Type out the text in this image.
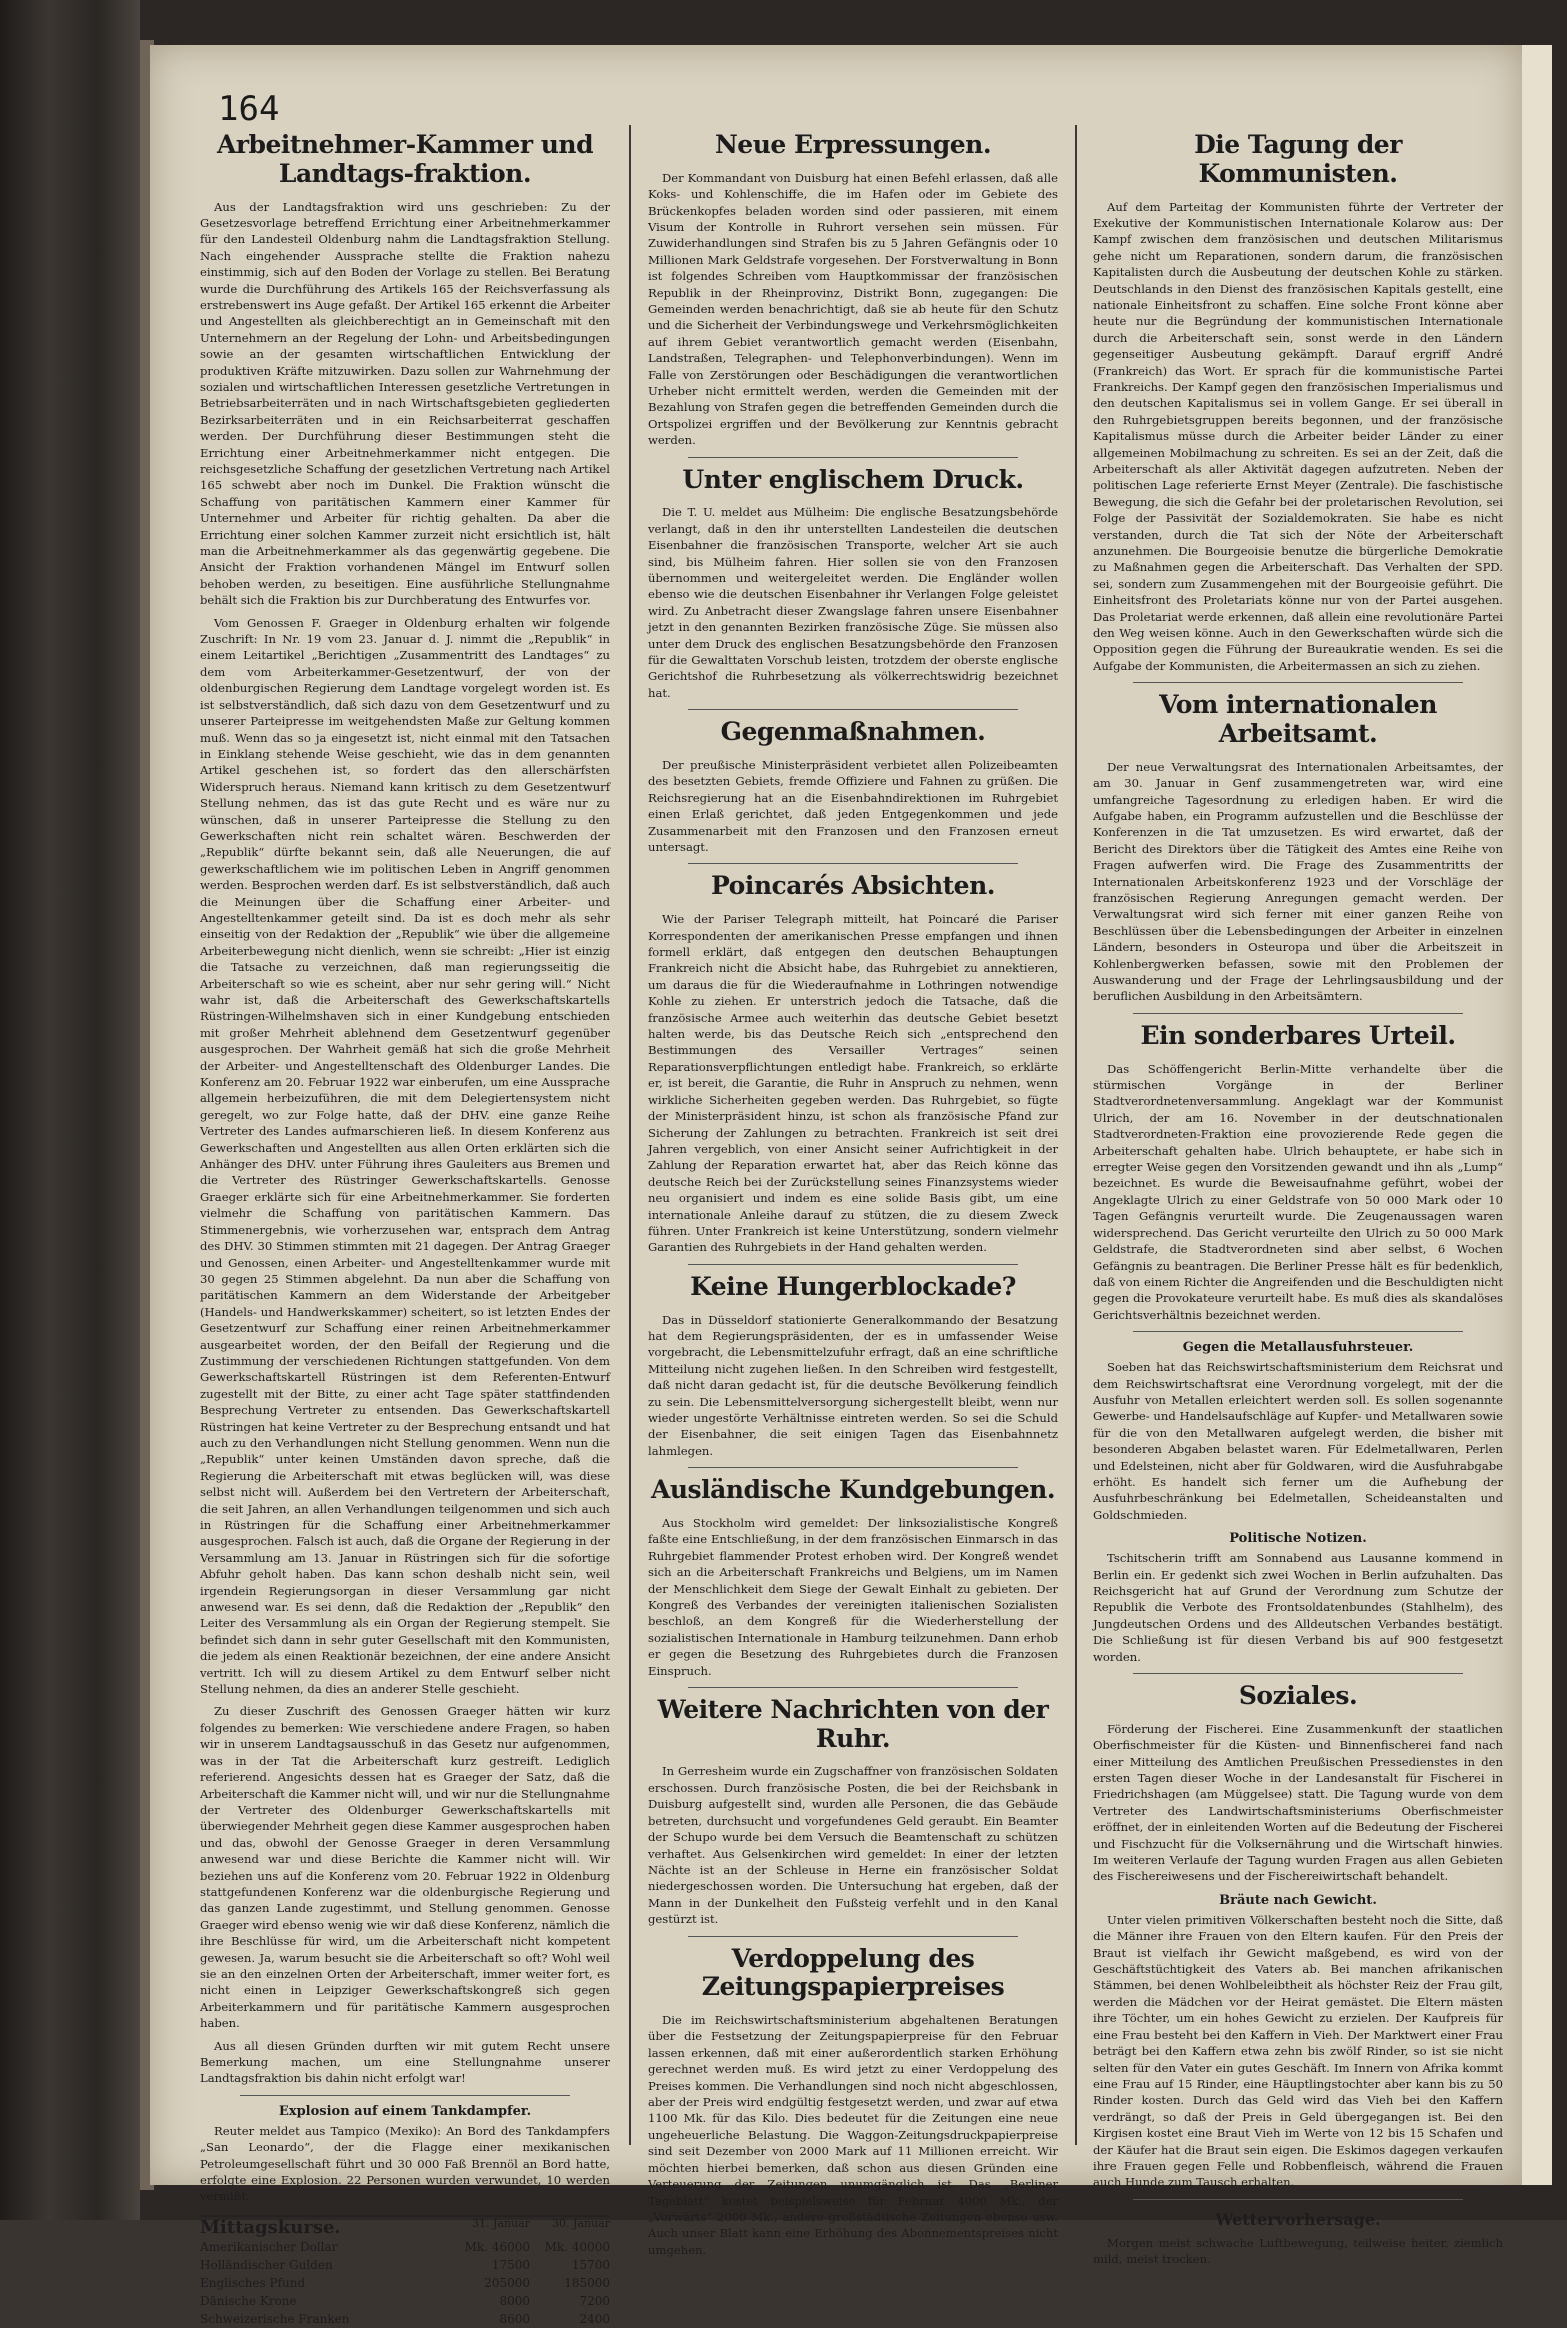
164
Arbeitnehmer-Kammer und Landtags-fraktion.

Aus der Landtagsfraktion wird uns geschrieben: Zu der Gesetzesvorlage betreffend Errichtung einer Arbeitnehmerkammer für den Landesteil Oldenburg nahm die Landtagsfraktion Stellung. Nach eingehender Aussprache stellte die Fraktion nahezu einstimmig, sich auf den Boden der Vorlage zu stellen. Bei Beratung wurde die Durchführung des Artikels 165 der Reichsverfassung als erstrebenswert ins Auge gefaßt. Der Artikel 165 erkennt die Arbeiter und Angestellten als gleichberechtigt an in Gemeinschaft mit den Unternehmern an der Regelung der Lohn- und Arbeitsbedingungen sowie an der gesamten wirtschaftlichen Entwicklung der produktiven Kräfte mitzuwirken. Dazu sollen zur Wahrnehmung der sozialen und wirtschaftlichen Interessen gesetzliche Vertretungen in Betriebsarbeiterräten und in nach Wirtschaftsgebieten gegliederten Bezirksarbeiterräten und in ein Reichsarbeiterrat geschaffen werden. Der Durchführung dieser Bestimmungen steht die Errichtung einer Arbeitnehmerkammer nicht entgegen. Die reichsgesetzliche Schaffung der gesetzlichen Vertretung nach Artikel 165 schwebt aber noch im Dunkel. Die Fraktion wünscht die Schaffung von paritätischen Kammern einer Kammer für Unternehmer und Arbeiter für richtig gehalten. Da aber die Errichtung einer solchen Kammer zurzeit nicht ersichtlich ist, hält man die Arbeitnehmerkammer als das gegenwärtig gegebene. Die Ansicht der Fraktion vorhandenen Mängel im Entwurf sollen behoben werden, zu beseitigen. Eine ausführliche Stellungnahme behält sich die Fraktion bis zur Durchberatung des Entwurfes vor.

Vom Genossen F. Graeger in Oldenburg erhalten wir folgende Zuschrift: In Nr. 19 vom 23. Januar d. J. nimmt die „Republik“ in einem Leitartikel „Berichtigen „Zusammentritt des Landtages“ zu dem vom Arbeiterkammer-Gesetzentwurf, der von der oldenburgischen Regierung dem Landtage vorgelegt worden ist. Es ist selbstverständlich, daß sich dazu von dem Gesetzentwurf und zu unserer Parteipresse im weitgehendsten Maße zur Geltung kommen muß. Wenn das so ja eingesetzt ist, nicht einmal mit den Tatsachen in Einklang stehende Weise geschieht, wie das in dem genannten Artikel geschehen ist, so fordert das den allerschärfsten Widerspruch heraus. Niemand kann kritisch zu dem Gesetzentwurf Stellung nehmen, das ist das gute Recht und es wäre nur zu wünschen, daß in unserer Parteipresse die Stellung zu den Gewerkschaften nicht rein schaltet wären. Beschwerden der „Republik“ dürfte bekannt sein, daß alle Neuerungen, die auf gewerkschaftlichem wie im politischen Leben in Angriff genommen werden. Besprochen werden darf. Es ist selbstverständlich, daß auch die Meinungen über die Schaffung einer Arbeiter- und Angestelltenkammer geteilt sind. Da ist es doch mehr als sehr einseitig von der Redaktion der „Republik“ wie über die allgemeine Arbeiterbewegung nicht dienlich, wenn sie schreibt: „Hier ist einzig die Tatsache zu verzeichnen, daß man regierungsseitig die Arbeiterschaft so wie es scheint, aber nur sehr gering will.“ Nicht wahr ist, daß die Arbeiterschaft des Gewerkschaftskartells Rüstringen-Wilhelmshaven sich in einer Kundgebung entschieden mit großer Mehrheit ablehnend dem Gesetzentwurf gegenüber ausgesprochen. Der Wahrheit gemäß hat sich die große Mehrheit der Arbeiter- und Angestelltenschaft des Oldenburger Landes. Die Konferenz am 20. Februar 1922 war einberufen, um eine Aussprache allgemein herbeizuführen, die mit dem Delegiertensystem nicht geregelt, wo zur Folge hatte, daß der DHV. eine ganze Reihe Vertreter des Landes aufmarschieren ließ. In diesem Konferenz aus Gewerkschaften und Angestellten aus allen Orten erklärten sich die Anhänger des DHV. unter Führung ihres Gauleiters aus Bremen und die Vertreter des Rüstringer Gewerkschaftskartells. Genosse Graeger erklärte sich für eine Arbeitnehmerkammer. Sie forderten vielmehr die Schaffung von paritätischen Kammern. Das Stimmenergebnis, wie vorherzusehen war, entsprach dem Antrag des DHV. 30 Stimmen stimmten mit 21 dagegen. Der Antrag Graeger und Genossen, einen Arbeiter- und Angestelltenkammer wurde mit 30 gegen 25 Stimmen abgelehnt. Da nun aber die Schaffung von paritätischen Kammern an dem Widerstande der Arbeitgeber (Handels- und Handwerkskammer) scheitert, so ist letzten Endes der Gesetzentwurf zur Schaffung einer reinen Arbeitnehmerkammer ausgearbeitet worden, der den Beifall der Regierung und die Zustimmung der verschiedenen Richtungen stattgefunden. Von dem Gewerkschaftskartell Rüstringen ist dem Referenten-Entwurf zugestellt mit der Bitte, zu einer acht Tage später stattfindenden Besprechung Vertreter zu entsenden. Das Gewerkschaftskartell Rüstringen hat keine Vertreter zu der Besprechung entsandt und hat auch zu den Verhandlungen nicht Stellung genommen. Wenn nun die „Republik“ unter keinen Umständen davon spreche, daß die Regierung die Arbeiterschaft mit etwas beglücken will, was diese selbst nicht will. Außerdem bei den Vertretern der Arbeiterschaft, die seit Jahren, an allen Verhandlungen teilgenommen und sich auch in Rüstringen für die Schaffung einer Arbeitnehmerkammer ausgesprochen. Falsch ist auch, daß die Organe der Regierung in der Versammlung am 13. Januar in Rüstringen sich für die sofortige Abfuhr geholt haben. Das kann schon deshalb nicht sein, weil irgendein Regierungsorgan in dieser Versammlung gar nicht anwesend war. Es sei denn, daß die Redaktion der „Republik“ den Leiter des Versammlung als ein Organ der Regierung stempelt. Sie befindet sich dann in sehr guter Gesellschaft mit den Kommunisten, die jedem als einen Reaktionär bezeichnen, der eine andere Ansicht vertritt. Ich will zu diesem Artikel zu dem Entwurf selber nicht Stellung nehmen, da dies an anderer Stelle geschieht.

Zu dieser Zuschrift des Genossen Graeger hätten wir kurz folgendes zu bemerken: Wie verschiedene andere Fragen, so haben wir in unserem Landtagsausschuß in das Gesetz nur aufgenommen, was in der Tat die Arbeiterschaft kurz gestreift. Lediglich referierend. Angesichts dessen hat es Graeger der Satz, daß die Arbeiterschaft die Kammer nicht will, und wir nur die Stellungnahme der Vertreter des Oldenburger Gewerkschaftskartells mit überwiegender Mehrheit gegen diese Kammer ausgesprochen haben und das, obwohl der Genosse Graeger in deren Versammlung anwesend war und diese Berichte die Kammer nicht will. Wir beziehen uns auf die Konferenz vom 20. Februar 1922 in Oldenburg stattgefundenen Konferenz war die oldenburgische Regierung und das ganzen Lande zugestimmt, und Stellung genommen. Genosse Graeger wird ebenso wenig wie wir daß diese Konferenz, nämlich die ihre Beschlüsse für wird, um die Arbeiterschaft nicht kompetent gewesen. Ja, warum besucht sie die Arbeiterschaft so oft? Wohl weil sie an den einzelnen Orten der Arbeiterschaft, immer weiter fort, es nicht einen in Leipziger Gewerkschaftskongreß sich gegen Arbeiterkammern und für paritätische Kammern ausgesprochen haben.

Aus all diesen Gründen durften wir mit gutem Recht unsere Bemerkung machen, um eine Stellungnahme unserer Landtagsfraktion bis dahin nicht erfolgt war!

Explosion auf einem Tankdampfer.

Reuter meldet aus Tampico (Mexiko): An Bord des Tankdampfers „San Leonardo“, der die Flagge einer mexikanischen Petroleumgesellschaft führt und 30 000 Faß Brennöl an Bord hatte, erfolgte eine Explosion. 22 Personen wurden verwundet, 10 werden vermißt.

Mittagskurse.	31. Januar	30. Januar
Amerikanischer Dollar	Mk. 46000	Mk. 40000
Holländischer Gulden	17500	15700
Englisches Pfund	205000	185000
Dänische Krone	8000	7200
Schweizerische Franken	8600	2400
Neue Erpressungen.

Der Kommandant von Duisburg hat einen Befehl erlassen, daß alle Koks- und Kohlenschiffe, die im Hafen oder im Gebiete des Brückenkopfes beladen worden sind oder passieren, mit einem Visum der Kontrolle in Ruhrort versehen sein müssen. Für Zuwiderhandlungen sind Strafen bis zu 5 Jahren Gefängnis oder 10 Millionen Mark Geldstrafe vorgesehen. Der Forstverwaltung in Bonn ist folgendes Schreiben vom Hauptkommissar der französischen Republik in der Rheinprovinz, Distrikt Bonn, zugegangen: Die Gemeinden werden benachrichtigt, daß sie ab heute für den Schutz und die Sicherheit der Verbindungswege und Verkehrsmöglichkeiten auf ihrem Gebiet verantwortlich gemacht werden (Eisenbahn, Landstraßen, Telegraphen- und Telephonverbindungen). Wenn im Falle von Zerstörungen oder Beschädigungen die verantwortlichen Urheber nicht ermittelt werden, werden die Gemeinden mit der Bezahlung von Strafen gegen die betreffenden Gemeinden durch die Ortspolizei ergriffen und der Bevölkerung zur Kenntnis gebracht werden.

Unter englischem Druck.

Die T. U. meldet aus Mülheim: Die englische Besatzungsbehörde verlangt, daß in den ihr unterstellten Landesteilen die deutschen Eisenbahner die französischen Transporte, welcher Art sie auch sind, bis Mülheim fahren. Hier sollen sie von den Franzosen übernommen und weitergeleitet werden. Die Engländer wollen ebenso wie die deutschen Eisenbahner ihr Verlangen Folge geleistet wird. Zu Anbetracht dieser Zwangslage fahren unsere Eisenbahner jetzt in den genannten Bezirken französische Züge. Sie müssen also unter dem Druck des englischen Besatzungsbehörde den Franzosen für die Gewalttaten Vorschub leisten, trotzdem der oberste englische Gerichtshof die Ruhrbesetzung als völkerrechtswidrig bezeichnet hat.

Gegenmaßnahmen.

Der preußische Ministerpräsident verbietet allen Polizeibeamten des besetzten Gebiets, fremde Offiziere und Fahnen zu grüßen. Die Reichsregierung hat an die Eisenbahndirektionen im Ruhrgebiet einen Erlaß gerichtet, daß jeden Entgegenkommen und jede Zusammenarbeit mit den Franzosen und den Franzosen erneut untersagt.

Poincarés Absichten.

Wie der Pariser Telegraph mitteilt, hat Poincaré die Pariser Korrespondenten der amerikanischen Presse empfangen und ihnen formell erklärt, daß entgegen den deutschen Behauptungen Frankreich nicht die Absicht habe, das Ruhrgebiet zu annektieren, um daraus die für die Wiederaufnahme in Lothringen notwendige Kohle zu ziehen. Er unterstrich jedoch die Tatsache, daß die französische Armee auch weiterhin das deutsche Gebiet besetzt halten werde, bis das Deutsche Reich sich „entsprechend den Bestimmungen des Versailler Vertrages“ seinen Reparationsverpflichtungen entledigt habe. Frankreich, so erklärte er, ist bereit, die Garantie, die Ruhr in Anspruch zu nehmen, wenn wirkliche Sicherheiten gegeben werden. Das Ruhrgebiet, so fügte der Ministerpräsident hinzu, ist schon als französische Pfand zur Sicherung der Zahlungen zu betrachten. Frankreich ist seit drei Jahren vergeblich, von einer Ansicht seiner Aufrichtigkeit in der Zahlung der Reparation erwartet hat, aber das Reich könne das deutsche Reich bei der Zurückstellung seines Finanzsystems wieder neu organisiert und indem es eine solide Basis gibt, um eine internationale Anleihe darauf zu stützen, die zu diesem Zweck führen. Unter Frankreich ist keine Unterstützung, sondern vielmehr Garantien des Ruhrgebiets in der Hand gehalten werden.

Keine Hungerblockade?

Das in Düsseldorf stationierte Generalkommando der Besatzung hat dem Regierungspräsidenten, der es in umfassender Weise vorgebracht, die Lebensmittelzufuhr erfragt, daß an eine schriftliche Mitteilung nicht zugehen ließen. In den Schreiben wird festgestellt, daß nicht daran gedacht ist, für die deutsche Bevölkerung feindlich zu sein. Die Lebensmittelversorgung sichergestellt bleibt, wenn nur wieder ungestörte Verhältnisse eintreten werden. So sei die Schuld der Eisenbahner, die seit einigen Tagen das Eisenbahnnetz lahmlegen.

Ausländische Kundgebungen.

Aus Stockholm wird gemeldet: Der linksozialistische Kongreß faßte eine Entschließung, in der dem französischen Einmarsch in das Ruhrgebiet flammender Protest erhoben wird. Der Kongreß wendet sich an die Arbeiterschaft Frankreichs und Belgiens, um im Namen der Menschlichkeit dem Siege der Gewalt Einhalt zu gebieten. Der Kongreß des Verbandes der vereinigten italienischen Sozialisten beschloß, an dem Kongreß für die Wiederherstellung der sozialistischen Internationale in Hamburg teilzunehmen. Dann erhob er gegen die Besetzung des Ruhrgebietes durch die Franzosen Einspruch.

Weitere Nachrichten von der Ruhr.

In Gerresheim wurde ein Zugschaffner von französischen Soldaten erschossen. Durch französische Posten, die bei der Reichsbank in Duisburg aufgestellt sind, wurden alle Personen, die das Gebäude betreten, durchsucht und vorgefundenes Geld geraubt. Ein Beamter der Schupo wurde bei dem Versuch die Beamtenschaft zu schützen verhaftet. Aus Gelsenkirchen wird gemeldet: In einer der letzten Nächte ist an der Schleuse in Herne ein französischer Soldat niedergeschossen worden. Die Untersuchung hat ergeben, daß der Mann in der Dunkelheit den Fußsteig verfehlt und in den Kanal gestürzt ist.

Verdoppelung des Zeitungspapierpreises

Die im Reichswirtschaftsministerium abgehaltenen Beratungen über die Festsetzung der Zeitungspapierpreise für den Februar lassen erkennen, daß mit einer außerordentlich starken Erhöhung gerechnet werden muß. Es wird jetzt zu einer Verdoppelung des Preises kommen. Die Verhandlungen sind noch nicht abgeschlossen, aber der Preis wird endgültig festgesetzt werden, und zwar auf etwa 1100 Mk. für das Kilo. Dies bedeutet für die Zeitungen eine neue ungeheuerliche Belastung. Die Waggon-Zeitungsdruckpapierpreise sind seit Dezember von 2000 Mark auf 11 Millionen erreicht. Wir möchten hierbei bemerken, daß schon aus diesen Gründen eine Verteuerung der Zeitungen unumgänglich ist. Das „Berliner Tageblatt“ kostet beispielsweise für Februar 4000 Mk., der „Vorwärts“ 2000 Mk., andere großstädtische Zeitungen ebenso usw. Auch unser Blatt kann eine Erhöhung des Abonnementspreises nicht umgehen.

Die Tagung der Kommunisten.

Auf dem Parteitag der Kommunisten führte der Vertreter der Exekutive der Kommunistischen Internationale Kolarow aus: Der Kampf zwischen dem französischen und deutschen Militarismus gehe nicht um Reparationen, sondern darum, die französischen Kapitalisten durch die Ausbeutung der deutschen Kohle zu stärken. Deutschlands in den Dienst des französischen Kapitals gestellt, eine nationale Einheitsfront zu schaffen. Eine solche Front könne aber heute nur die Begründung der kommunistischen Internationale durch die Arbeiterschaft sein, sonst werde in den Ländern gegenseitiger Ausbeutung gekämpft. Darauf ergriff André (Frankreich) das Wort. Er sprach für die kommunistische Partei Frankreichs. Der Kampf gegen den französischen Imperialismus und den deutschen Kapitalismus sei in vollem Gange. Er sei überall in den Ruhrgebietsgruppen bereits begonnen, und der französische Kapitalismus müsse durch die Arbeiter beider Länder zu einer allgemeinen Mobilmachung zu schreiten. Es sei an der Zeit, daß die Arbeiterschaft als aller Aktivität dagegen aufzutreten. Neben der politischen Lage referierte Ernst Meyer (Zentrale). Die faschistische Bewegung, die sich die Gefahr bei der proletarischen Revolution, sei Folge der Passivität der Sozialdemokraten. Sie habe es nicht verstanden, durch die Tat sich der Nöte der Arbeiterschaft anzunehmen. Die Bourgeoisie benutze die bürgerliche Demokratie zu Maßnahmen gegen die Arbeiterschaft. Das Verhalten der SPD. sei, sondern zum Zusammengehen mit der Bourgeoisie geführt. Die Einheitsfront des Proletariats könne nur von der Partei ausgehen. Das Proletariat werde erkennen, daß allein eine revolutionäre Partei den Weg weisen könne. Auch in den Gewerkschaften würde sich die Opposition gegen die Führung der Bureaukratie wenden. Es sei die Aufgabe der Kommunisten, die Arbeitermassen an sich zu ziehen.

Vom internationalen Arbeitsamt.

Der neue Verwaltungsrat des Internationalen Arbeitsamtes, der am 30. Januar in Genf zusammengetreten war, wird eine umfangreiche Tagesordnung zu erledigen haben. Er wird die Aufgabe haben, ein Programm aufzustellen und die Beschlüsse der Konferenzen in die Tat umzusetzen. Es wird erwartet, daß der Bericht des Direktors über die Tätigkeit des Amtes eine Reihe von Fragen aufwerfen wird. Die Frage des Zusammentritts der Internationalen Arbeitskonferenz 1923 und der Vorschläge der französischen Regierung Anregungen gemacht werden. Der Verwaltungsrat wird sich ferner mit einer ganzen Reihe von Beschlüssen über die Lebensbedingungen der Arbeiter in einzelnen Ländern, besonders in Osteuropa und über die Arbeitszeit in Kohlenbergwerken befassen, sowie mit den Problemen der Auswanderung und der Frage der Lehrlingsausbildung und der beruflichen Ausbildung in den Arbeitsämtern.

Ein sonderbares Urteil.

Das Schöffengericht Berlin-Mitte verhandelte über die stürmischen Vorgänge in der Berliner Stadtverordnetenversammlung. Angeklagt war der Kommunist Ulrich, der am 16. November in der deutschnationalen Stadtverordneten-Fraktion eine provozierende Rede gegen die Arbeiterschaft gehalten habe. Ulrich behauptete, er habe sich in erregter Weise gegen den Vorsitzenden gewandt und ihn als „Lump“ bezeichnet. Es wurde die Beweisaufnahme geführt, wobei der Angeklagte Ulrich zu einer Geldstrafe von 50 000 Mark oder 10 Tagen Gefängnis verurteilt wurde. Die Zeugenaussagen waren widersprechend. Das Gericht verurteilte den Ulrich zu 50 000 Mark Geldstrafe, die Stadtverordneten sind aber selbst, 6 Wochen Gefängnis zu beantragen. Die Berliner Presse hält es für bedenklich, daß von einem Richter die Angreifenden und die Beschuldigten nicht gegen die Provokateure verurteilt habe. Es muß dies als skandalöses Gerichtsverhältnis bezeichnet werden.

Gegen die Metallausfuhrsteuer.

Soeben hat das Reichswirtschaftsministerium dem Reichsrat und dem Reichswirtschaftsrat eine Verordnung vorgelegt, mit der die Ausfuhr von Metallen erleichtert werden soll. Es sollen sogenannte Gewerbe- und Handelsaufschläge auf Kupfer- und Metallwaren sowie für die von den Metallwaren aufgelegt werden, die bisher mit besonderen Abgaben belastet waren. Für Edelmetallwaren, Perlen und Edelsteinen, nicht aber für Goldwaren, wird die Ausfuhrabgabe erhöht. Es handelt sich ferner um die Aufhebung der Ausfuhrbeschränkung bei Edelmetallen, Scheideanstalten und Goldschmieden.

Politische Notizen.

Tschitscherin trifft am Sonnabend aus Lausanne kommend in Berlin ein. Er gedenkt sich zwei Wochen in Berlin aufzuhalten. Das Reichsgericht hat auf Grund der Verordnung zum Schutze der Republik die Verbote des Frontsoldatenbundes (Stahlhelm), des Jungdeutschen Ordens und des Alldeutschen Verbandes bestätigt. Die Schließung ist für diesen Verband bis auf 900 festgesetzt worden.

Soziales.

Förderung der Fischerei. Eine Zusammenkunft der staatlichen Oberfischmeister für die Küsten- und Binnenfischerei fand nach einer Mitteilung des Amtlichen Preußischen Pressedienstes in den ersten Tagen dieser Woche in der Landesanstalt für Fischerei in Friedrichshagen (am Müggelsee) statt. Die Tagung wurde von dem Vertreter des Landwirtschaftsministeriums Oberfischmeister eröffnet, der in einleitenden Worten auf die Bedeutung der Fischerei und Fischzucht für die Volksernährung und die Wirtschaft hinwies. Im weiteren Verlaufe der Tagung wurden Fragen aus allen Gebieten des Fischereiwesens und der Fischereiwirtschaft behandelt.

Bräute nach Gewicht.

Unter vielen primitiven Völkerschaften besteht noch die Sitte, daß die Männer ihre Frauen von den Eltern kaufen. Für den Preis der Braut ist vielfach ihr Gewicht maßgebend, es wird von der Geschäftstüchtigkeit des Vaters ab. Bei manchen afrikanischen Stämmen, bei denen Wohlbeleibtheit als höchster Reiz der Frau gilt, werden die Mädchen vor der Heirat gemästet. Die Eltern mästen ihre Töchter, um ein hohes Gewicht zu erzielen. Der Kaufpreis für eine Frau besteht bei den Kaffern in Vieh. Der Marktwert einer Frau beträgt bei den Kaffern etwa zehn bis zwölf Rinder, so ist sie nicht selten für den Vater ein gutes Geschäft. Im Innern von Afrika kommt eine Frau auf 15 Rinder, eine Häuptlingstochter aber kann bis zu 50 Rinder kosten. Durch das Geld wird das Vieh bei den Kaffern verdrängt, so daß der Preis in Geld übergegangen ist. Bei den Kirgisen kostet eine Braut Vieh im Werte von 12 bis 15 Schafen und der Käufer hat die Braut sein eigen. Die Eskimos dagegen verkaufen ihre Frauen gegen Felle und Robbenfleisch, während die Frauen auch Hunde zum Tausch erhalten.

Wettervorhersage.

Morgen meist schwache Luftbewegung, teilweise heiter, ziemlich mild, meist trocken.
